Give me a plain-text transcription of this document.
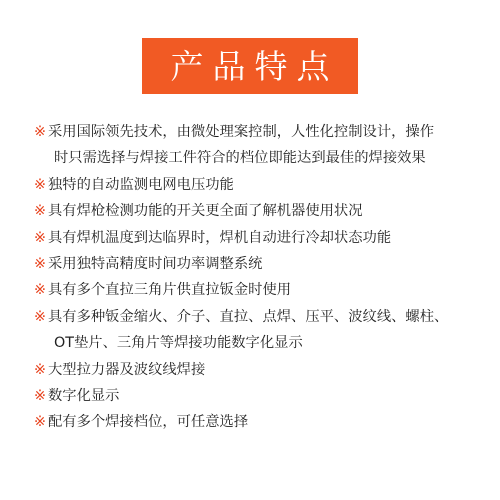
产品特点
※ 采用国际领先技术，由微处理案控制，人性化控制设计，操作
时只需选择与焊接工件符合的档位即能达到最佳的焊接效果
※ 独特的自动监测电网电压功能
※ 具有焊枪检测功能的开关更全面了解机器使用状况
※ 具有焊机温度到达临界时，焊机自动进行冷却状态功能
※ 采用独特高精度时间功率调整系统
※ 具有多个直拉三角片供直拉钣金时使用
※ 具有多种钣金缩火、介子、直拉、点焊、压平、波纹线、螺柱、
OT垫片、三角片等焊接功能数字化显示
※ 大型拉力器及波纹线焊接
※ 数字化显示
※ 配有多个焊接档位，可任意选择
